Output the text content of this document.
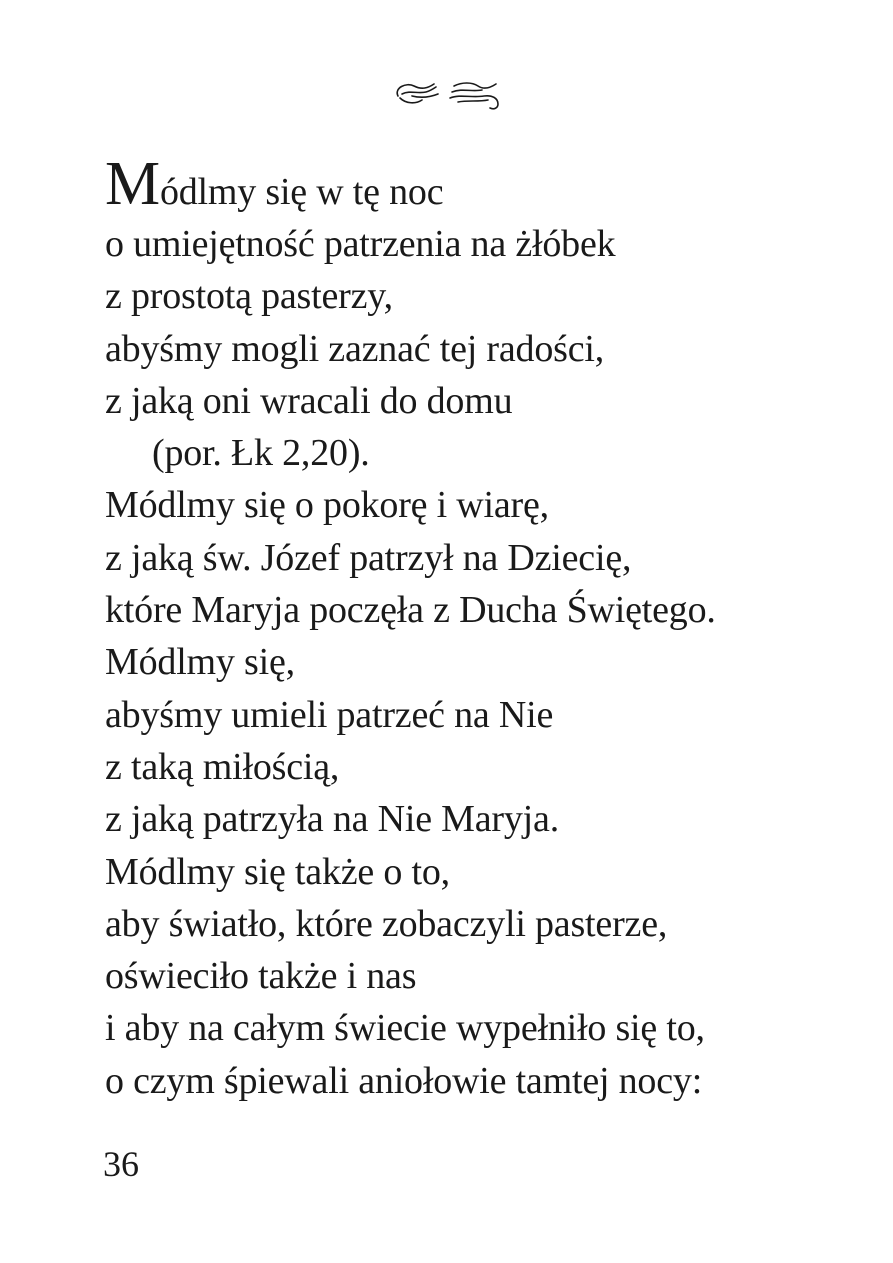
Módlmy się w tę noc
o umiejętność patrzenia na żłóbek
z prostotą pasterzy,
abyśmy mogli zaznać tej radości,
z jaką oni wracali do domu
(por. Łk 2,20).
Módlmy się o pokorę i wiarę,
z jaką św. Józef patrzył na Dziecię,
które Maryja poczęła z Ducha Świętego.
Módlmy się,
abyśmy umieli patrzeć na Nie
z taką miłością,
z jaką patrzyła na Nie Maryja.
Módlmy się także o to,
aby światło, które zobaczyli pasterze,
oświeciło także i nas
i aby na całym świecie wypełniło się to,
o czym śpiewali aniołowie tamtej nocy:
36
